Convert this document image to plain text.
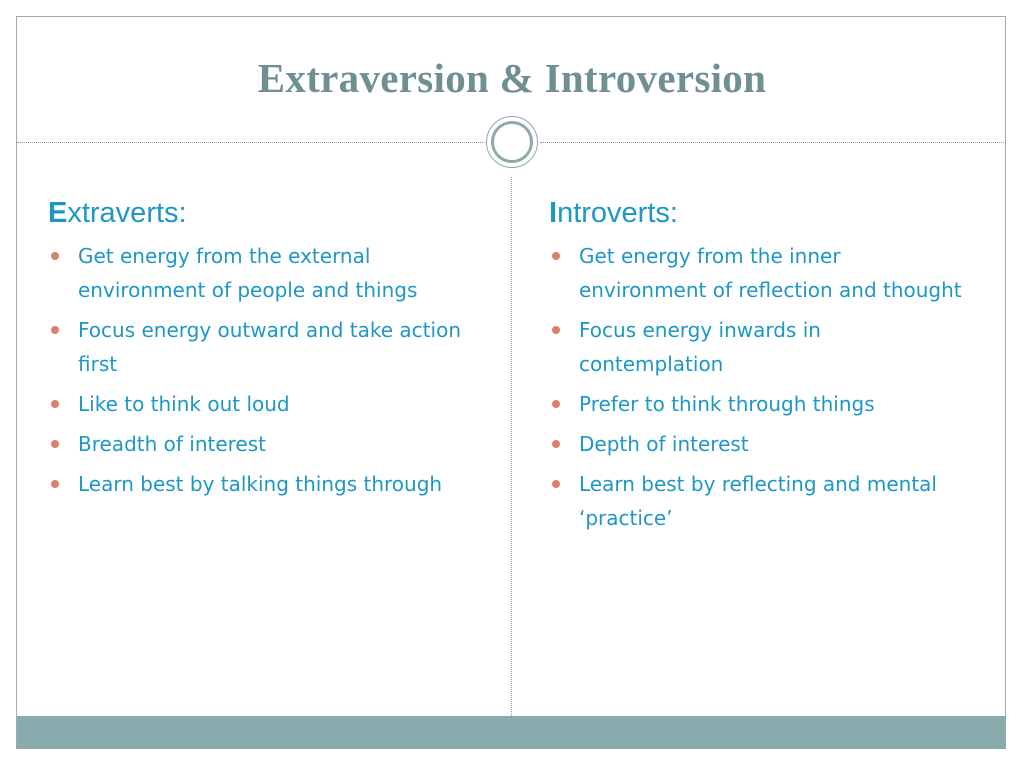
Extraversion & Introversion
Extraverts:
Get energy from the external environment of people and things
Focus energy outward and take action first
Like to think out loud
Breadth of interest
Learn best by talking things through
Introverts:
Get energy from the inner environment of reflection and thought
Focus energy inwards in contemplation
Prefer to think through things
Depth of interest
Learn best by reflecting and mental ‘practice’
